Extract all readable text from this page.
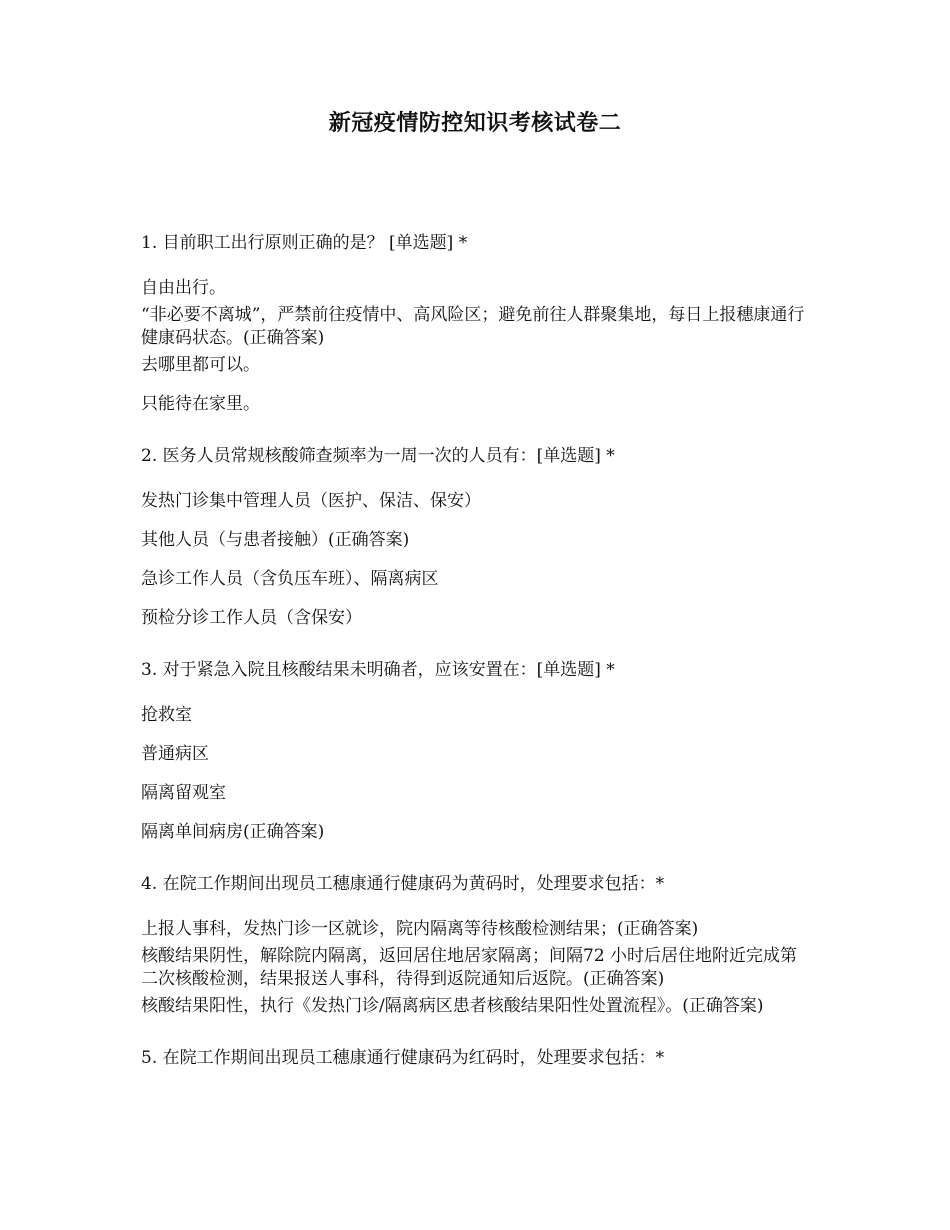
新冠疫情防控知识考核试卷二
1. 目前职工出行原则正确的是？ [单选题] *
自由出行。
“非必要不离城”，严禁前往疫情中、高风险区；避免前往人群聚集地，每日上报穗康通行健康码状态。(正确答案)
去哪里都可以。
只能待在家里。
2. 医务人员常规核酸筛查频率为一周一次的人员有：[单选题] *
发热门诊集中管理人员（医护、保洁、保安）
其他人员（与患者接触）(正确答案)
急诊工作人员（含负压车班）、隔离病区
预检分诊工作人员（含保安）
3. 对于紧急入院且核酸结果未明确者，应该安置在：[单选题] *
抢救室
普通病区
隔离留观室
隔离单间病房(正确答案)
4. 在院工作期间出现员工穗康通行健康码为黄码时，处理要求包括：*
上报人事科，发热门诊一区就诊，院内隔离等待核酸检测结果；(正确答案)
核酸结果阴性，解除院内隔离，返回居住地居家隔离；间隔72 小时后居住地附近完成第二次核酸检测，结果报送人事科，待得到返院通知后返院。(正确答案)
核酸结果阳性，执行《发热门诊/隔离病区患者核酸结果阳性处置流程》。(正确答案)
5. 在院工作期间出现员工穗康通行健康码为红码时，处理要求包括：*
